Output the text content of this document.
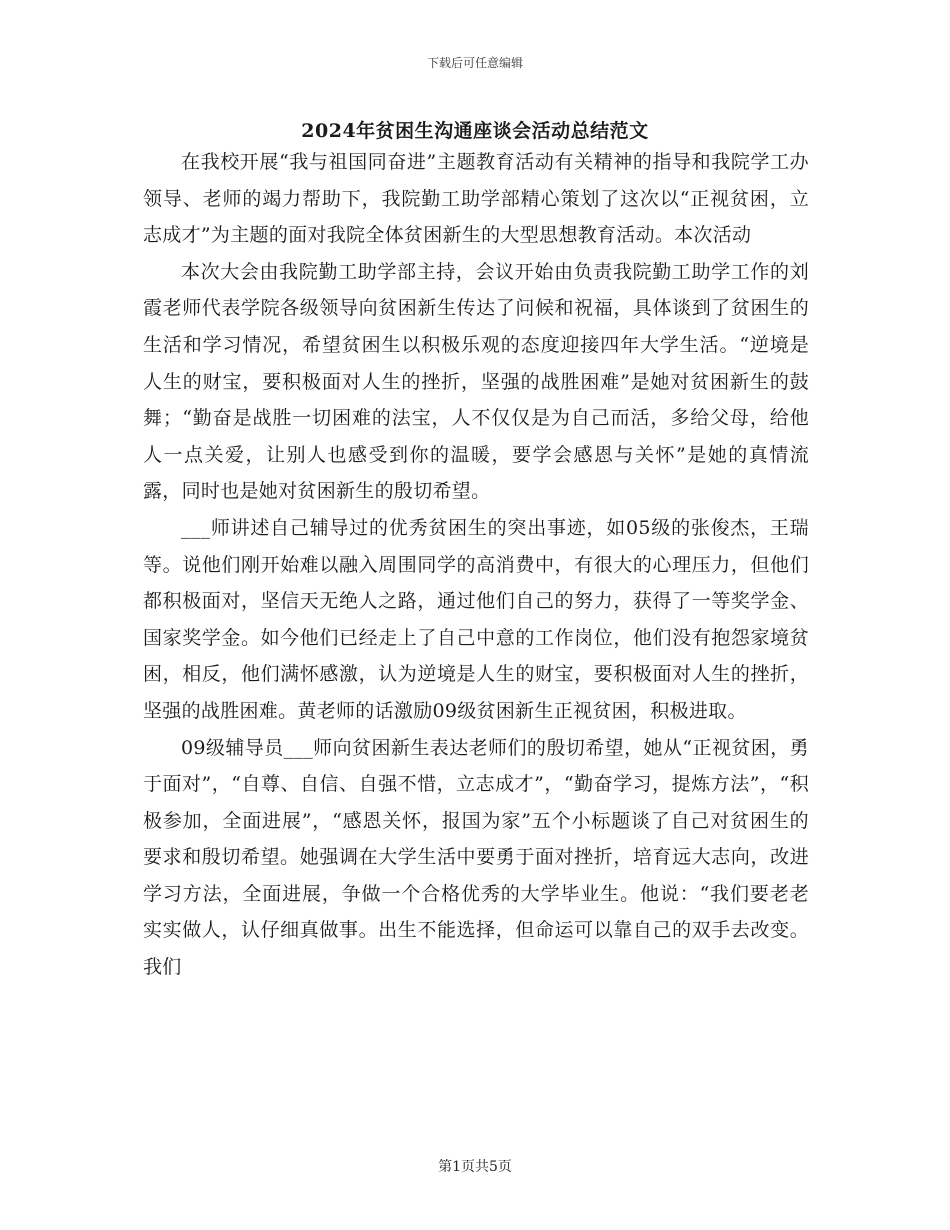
下载后可任意编辑
2024年贫困生沟通座谈会活动总结范文

在我校开展“我与祖国同奋进”主题教育活动有关精神的指导和我院学工办领导、老师的竭力帮助下，我院勤工助学部精心策划了这次以“正视贫困，立志成才”为主题的面对我院全体贫困新生的大型思想教育活动。本次活动

本次大会由我院勤工助学部主持，会议开始由负责我院勤工助学工作的刘霞老师代表学院各级领导向贫困新生传达了问候和祝福，具体谈到了贫困生的生活和学习情况，希望贫困生以积极乐观的态度迎接四年大学生活。“逆境是人生的财宝，要积极面对人生的挫折，坚强的战胜困难”是她对贫困新生的鼓舞；“勤奋是战胜一切困难的法宝，人不仅仅是为自己而活，多给父母，给他人一点关爱，让别人也感受到你的温暖，要学会感恩与关怀”是她的真情流露，同时也是她对贫困新生的殷切希望。

___师讲述自己辅导过的优秀贫困生的突出事迹，如05级的张俊杰，王瑞等。说他们刚开始难以融入周围同学的高消费中，有很大的心理压力，但他们都积极面对，坚信天无绝人之路，通过他们自己的努力，获得了一等奖学金、国家奖学金。如今他们已经走上了自己中意的工作岗位，他们没有抱怨家境贫困，相反，他们满怀感激，认为逆境是人生的财宝，要积极面对人生的挫折，坚强的战胜困难。黄老师的话激励09级贫困新生正视贫困，积极进取。

09级辅导员___师向贫困新生表达老师们的殷切希望，她从“正视贫困，勇于面对”，“自尊、自信、自强不惜，立志成才”，“勤奋学习，提炼方法”，“积极参加，全面进展”，“感恩关怀，报国为家”五个小标题谈了自己对贫困生的要求和殷切希望。她强调在大学生活中要勇于面对挫折，培育远大志向，改进学习方法，全面进展，争做一个合格优秀的大学毕业生。他说：“我们要老老实实做人，认仔细真做事。出生不能选择，但命运可以靠自己的双手去改变。我们

第1页共5页
